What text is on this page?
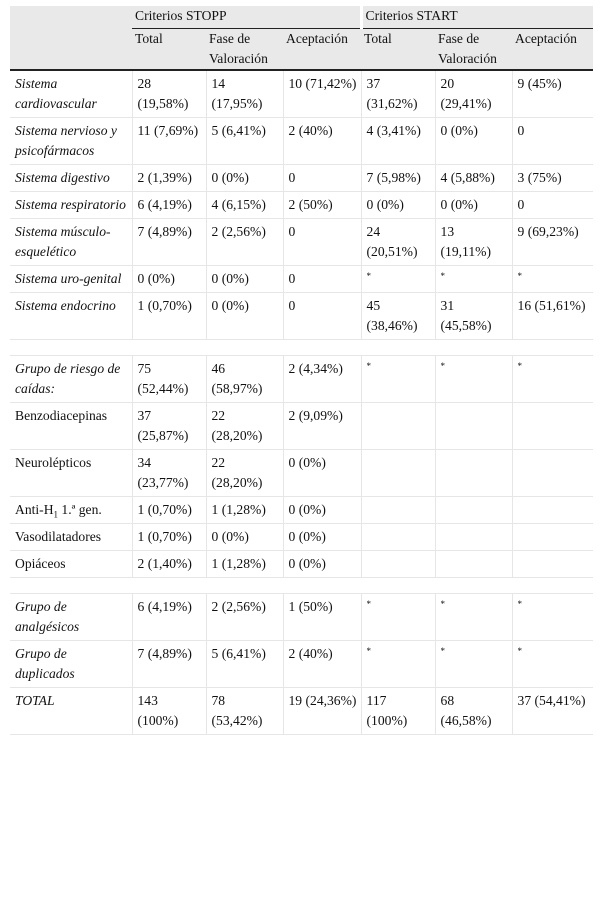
	Criterios STOPP			Criterios START		
	Total	Fase de Valoración	Aceptación	Total	Fase de Valoración	Aceptación
Sistema cardiovascular	28 (19,58%)	14 (17,95%)	10 (71,42%)	37 (31,62%)	20 (29,41%)	9 (45%)
Sistema nervioso y psicofármacos	11 (7,69%)	5 (6,41%)	2 (40%)	4 (3,41%)	0 (0%)	0
Sistema digestivo	2 (1,39%)	0 (0%)	0	7 (5,98%)	4 (5,88%)	3 (75%)
Sistema respiratorio	6 (4,19%)	4 (6,15%)	2 (50%)	0 (0%)	0 (0%)	0
Sistema músculo-esquelético	7 (4,89%)	2 (2,56%)	0	24 (20,51%)	13 (19,11%)	9 (69,23%)
Sistema uro-genital	0 (0%)	0 (0%)	0	*	*	*
Sistema endocrino	1 (0,70%)	0 (0%)	0	45 (38,46%)	31 (45,58%)	16 (51,61%)

Grupo de riesgo de caídas:	75 (52,44%)	46 (58,97%)	2 (4,34%)	*	*	*
Benzodiacepinas	37 (25,87%)	22 (28,20%)	2 (9,09%)			
Neurolépticos	34 (23,77%)	22 (28,20%)	0 (0%)			
Anti-$H_1$ 1.ª gen.	1 (0,70%)	1 (1,28%)	0 (0%)			
Vasodilatadores	1 (0,70%)	0 (0%)	0 (0%)			
Opiáceos	2 (1,40%)	1 (1,28%)	0 (0%)			

Grupo de analgésicos	6 (4,19%)	2 (2,56%)	1 (50%)	*	*	*
Grupo de duplicados	7 (4,89%)	5 (6,41%)	2 (40%)	*	*	*
TOTAL	143 (100%)	78 (53,42%)	19 (24,36%)	117 (100%)	68 (46,58%)	37 (54,41%)
